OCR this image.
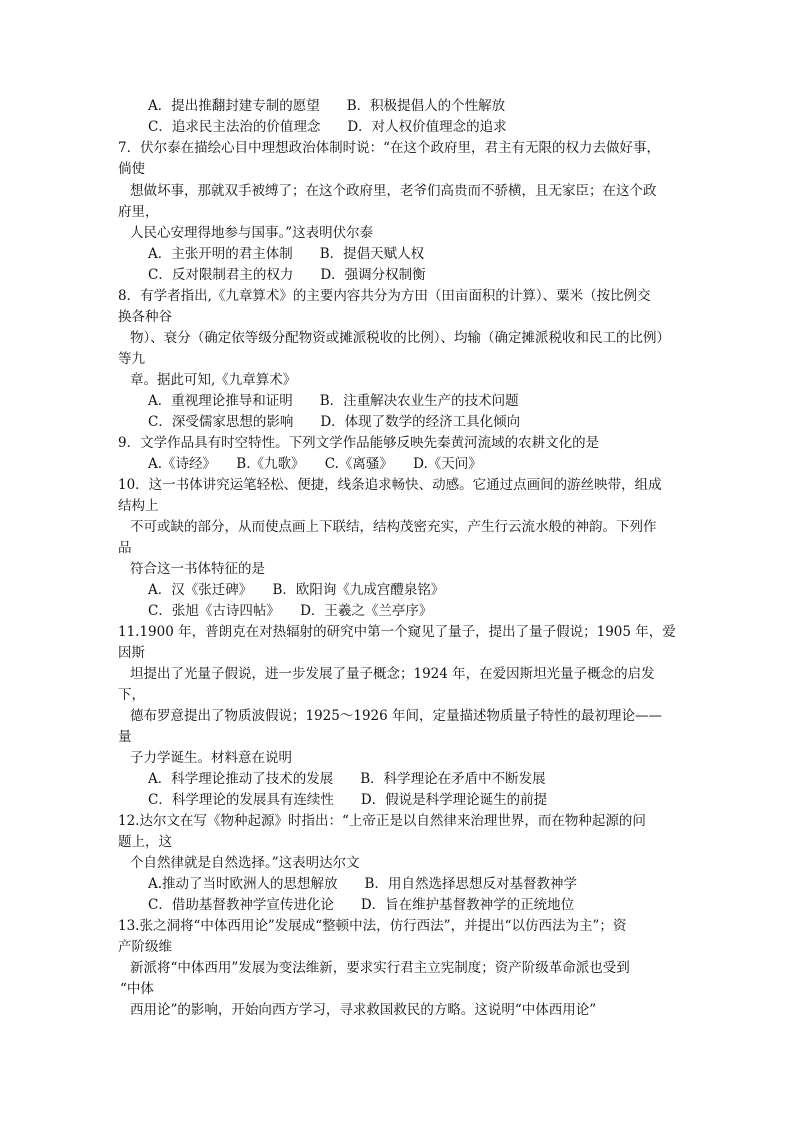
A．提出推翻封建专制的愿望　　B．积极提倡人的个性解放
C．追求民主法治的价值理念　　D．对人权价值理念的追求
7．伏尔泰在描绘心目中理想政治体制时说：“在这个政府里，君主有无限的权力去做好事，
倘使
想做坏事，那就双手被缚了；在这个政府里，老爷们高贵而不骄横，且无家臣；在这个政
府里，
人民心安理得地参与国事。”这表明伏尔泰
A．主张开明的君主体制　　B．提倡天赋人权
C．反对限制君主的权力　　D．强调分权制衡
8．有学者指出,《九章算术》的主要内容共分为方田（田亩面积的计算）、粟米（按比例交
换各种谷
物）、衰分（确定依等级分配物资或摊派税收的比例）、均输（确定摊派税收和民工的比例）
等九
章。据此可知,《九章算术》
A．重视理论推导和证明　　B．注重解决农业生产的技术问题
C．深受儒家思想的影响　　D．体现了数学的经济工具化倾向
9．文学作品具有时空特性。下列文学作品能够反映先秦黄河流域的农耕文化的是
A.《诗经》　　B.《九歌》　　C.《离骚》　　D.《天问》
10．这一书体讲究运笔轻松、便捷，线条追求畅快、动感。它通过点画间的游丝映带，组成
结构上
不可或缺的部分，从而使点画上下联结，结构茂密充实，产生行云流水般的神韵。下列作
品
符合这一书体特征的是
A．汉《张迁碑》　　B．欧阳询《九成宫醴泉铭》
C．张旭《古诗四帖》　　D．王羲之《兰亭序》
11.1900 年，普朗克在对热辐射的研究中第一个窥见了量子，提出了量子假说；1905 年，爱
因斯
坦提出了光量子假说，进一步发展了量子概念；1924 年，在爱因斯坦光量子概念的启发
下，
德布罗意提出了物质波假说；1925～1926 年间，定量描述物质量子特性的最初理论——
量
子力学诞生。材料意在说明
A．科学理论推动了技术的发展　　B．科学理论在矛盾中不断发展
C．科学理论的发展具有连续性　　D．假说是科学理论诞生的前提
12.达尔文在写《物种起源》时指出：“上帝正是以自然律来治理世界，而在物种起源的问
题上，这
个自然律就是自然选择。”这表明达尔文
A.推动了当时欧洲人的思想解放　　B．用自然选择思想反对基督教神学
C．借助基督教神学宣传进化论　　D．旨在维护基督教神学的正统地位
13.张之洞将“中体西用论”发展成“整顿中法，仿行西法”，并提出“以仿西法为主”；资
产阶级维
新派将“中体西用”发展为变法维新，要求实行君主立宪制度；资产阶级革命派也受到
“中体
西用论”的影响，开始向西方学习，寻求救国救民的方略。这说明“中体西用论”
